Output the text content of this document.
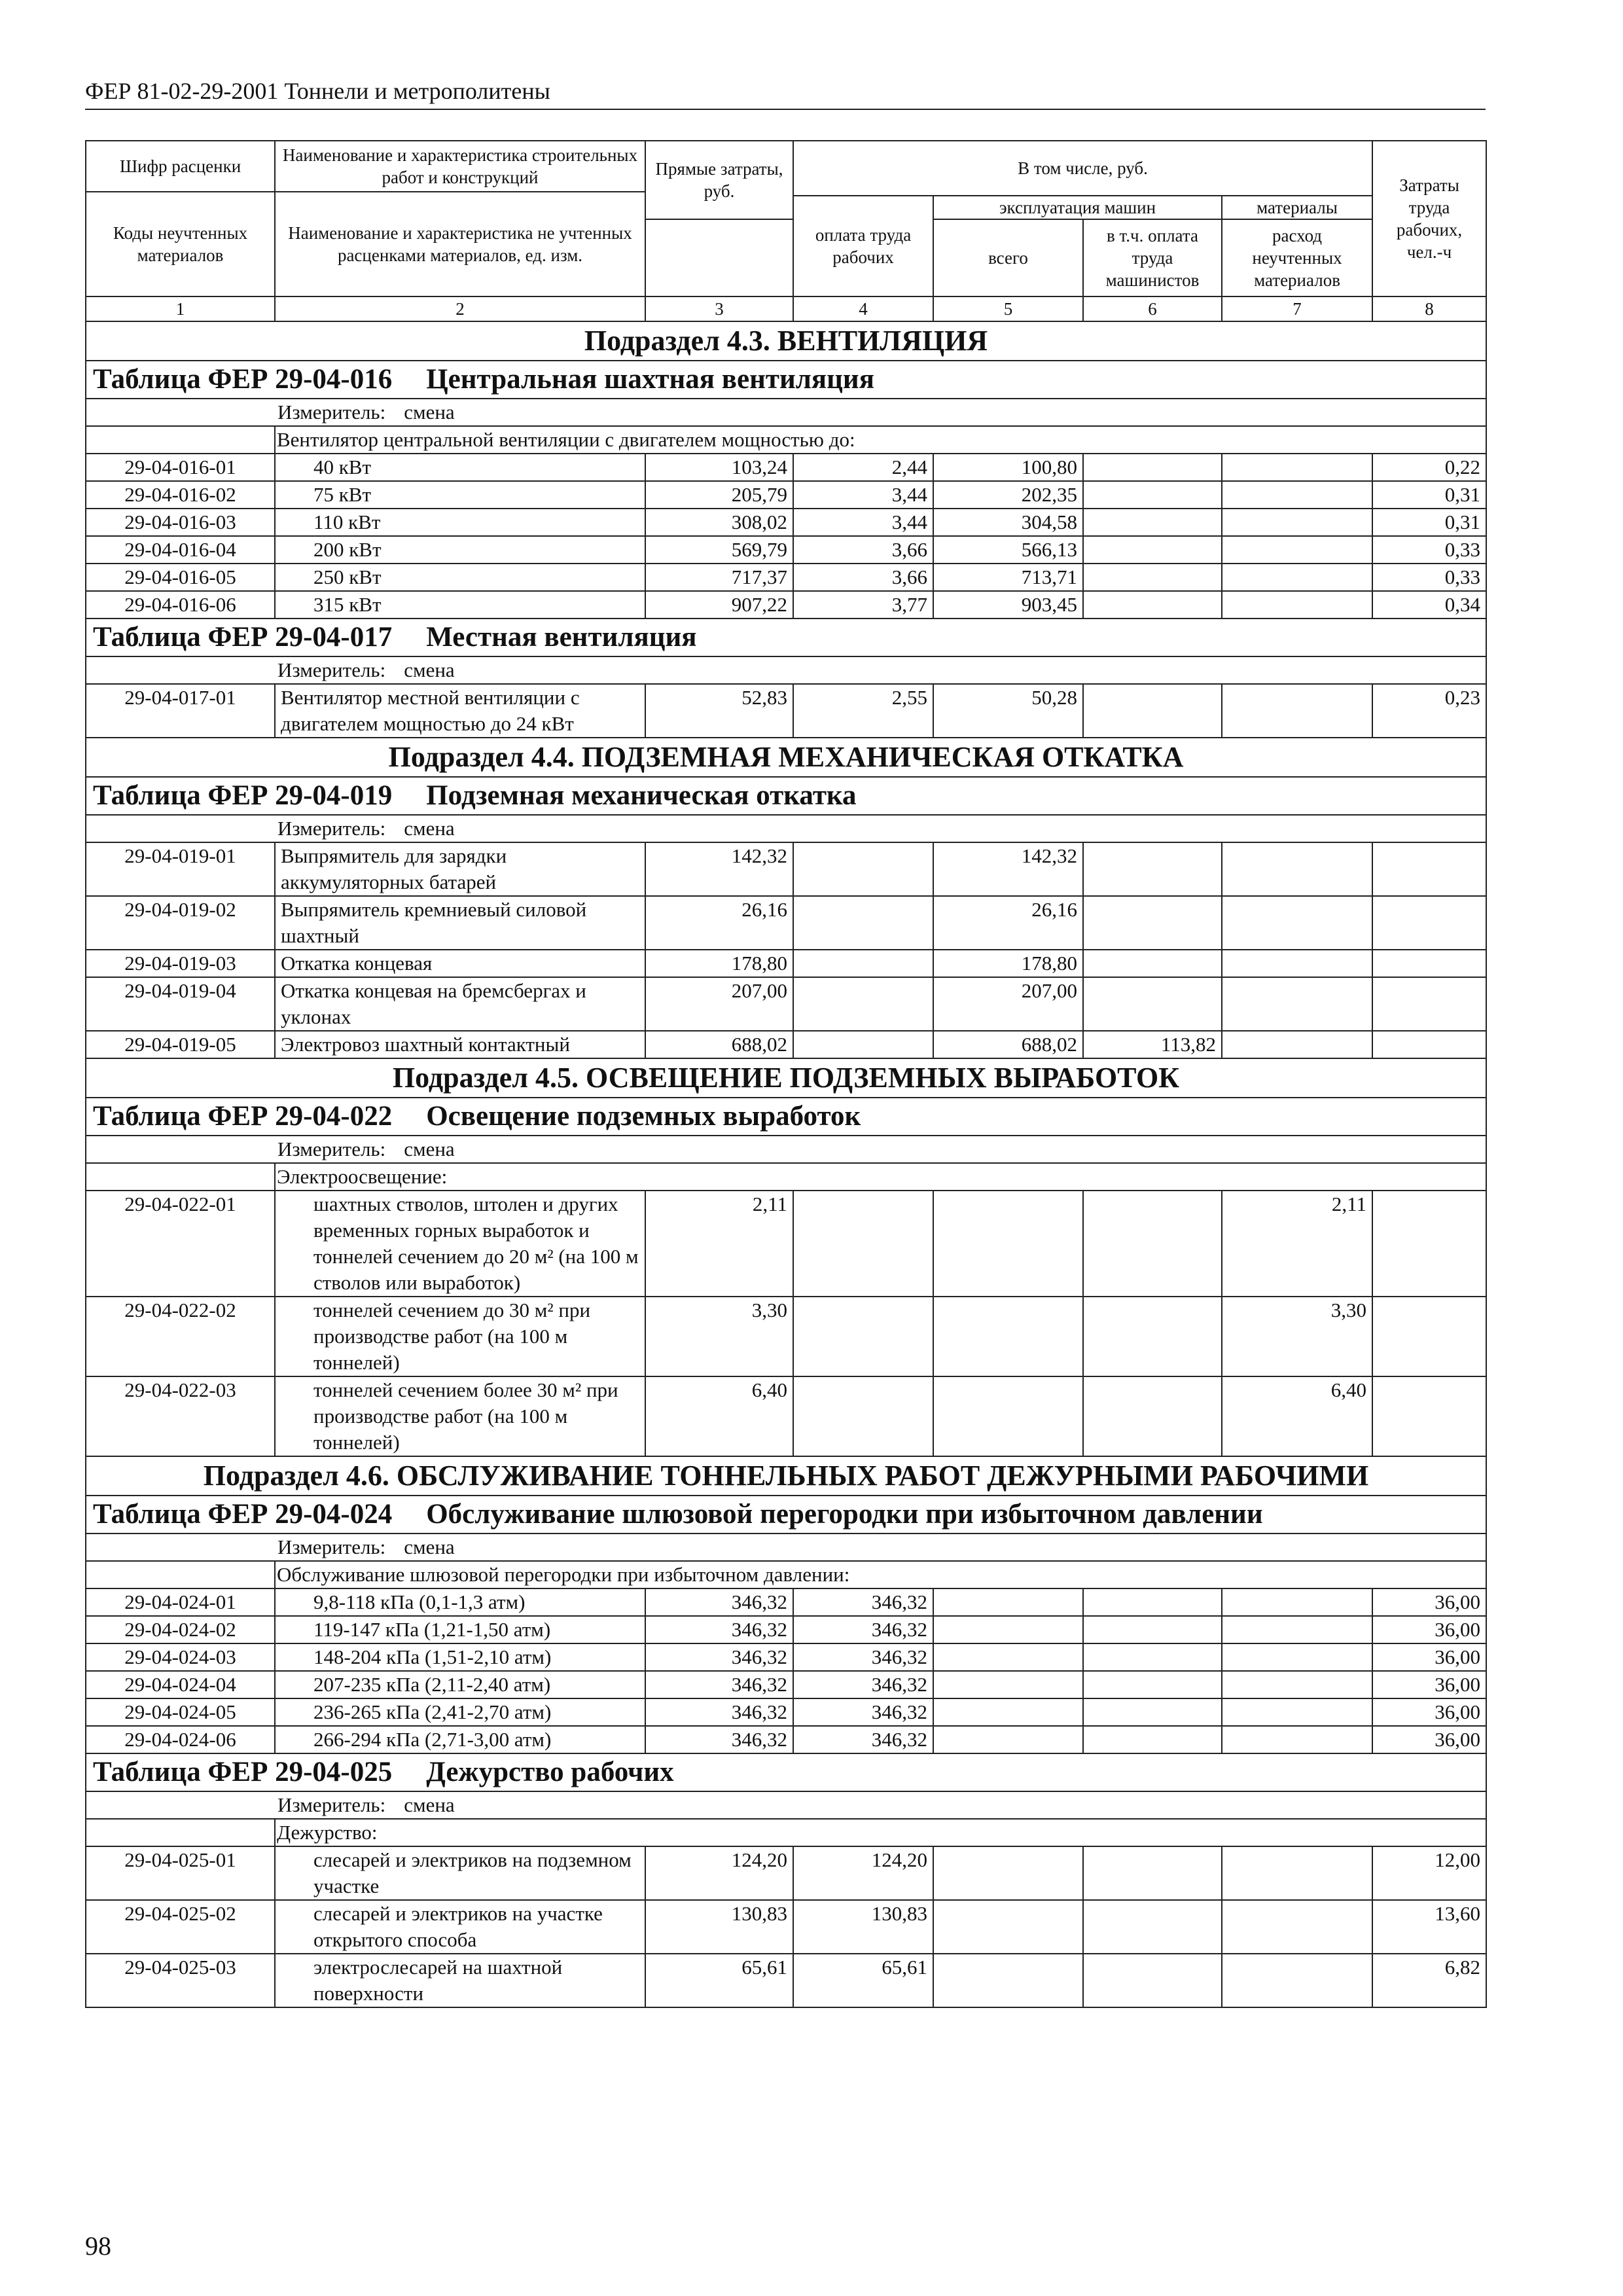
ФЕР 81-02-29-2001 Тоннели и метрополитены
Шифр расценки	Наименование и характеристика строительных работ и конструкций	Прямые затраты, руб.	В том числе, руб.				Затраты труда рабочих, чел.-ч
Коды неучтенных материалов	Наименование и характеристика не учтенных расценками материалов, ед. изм.						
			оплата труда рабочих	эксплуатация машин		материалы	
				всего	в т.ч. оплата труда машинистов	расход неучтенных материалов	
1	2	3	4	5	6	7	8
Подраздел 4.3. ВЕНТИЛЯЦИЯ							
Таблица ФЕР 29-04-016 Центральная шахтная вентиляция							
Измеритель: смена							
	Вентилятор центральной вентиляции с двигателем мощностью до:						
29-04-016-01	40 кВт	103,24	2,44	100,80			0,22
29-04-016-02	75 кВт	205,79	3,44	202,35			0,31
29-04-016-03	110 кВт	308,02	3,44	304,58			0,31
29-04-016-04	200 кВт	569,79	3,66	566,13			0,33
29-04-016-05	250 кВт	717,37	3,66	713,71			0,33
29-04-016-06	315 кВт	907,22	3,77	903,45			0,34
Таблица ФЕР 29-04-017 Местная вентиляция							
Измеритель: смена							
29-04-017-01	Вентилятор местной вентиляции с двигателем мощностью до 24 кВт	52,83	2,55	50,28			0,23
Подраздел 4.4. ПОДЗЕМНАЯ МЕХАНИЧЕСКАЯ ОТКАТКА							
Таблица ФЕР 29-04-019 Подземная механическая откатка							
Измеритель: смена							
29-04-019-01	Выпрямитель для зарядки аккумуляторных батарей	142,32		142,32			
29-04-019-02	Выпрямитель кремниевый силовой шахтный	26,16		26,16			
29-04-019-03	Откатка концевая	178,80		178,80			
29-04-019-04	Откатка концевая на бремсбергах и уклонах	207,00		207,00			
29-04-019-05	Электровоз шахтный контактный	688,02		688,02	113,82		
Подраздел 4.5. ОСВЕЩЕНИЕ ПОДЗЕМНЫХ ВЫРАБОТОК							
Таблица ФЕР 29-04-022 Освещение подземных выработок							
Измеритель: смена							
	Электроосвещение:						
29-04-022-01	шахтных стволов, штолен и других временных горных выработок и тоннелей сечением до 20 м² (на 100 м стволов или выработок)	2,11				2,11	
29-04-022-02	тоннелей сечением до 30 м² при производстве работ (на 100 м тоннелей)	3,30				3,30	
29-04-022-03	тоннелей сечением более 30 м² при производстве работ (на 100 м тоннелей)	6,40				6,40	
Подраздел 4.6. ОБСЛУЖИВАНИЕ ТОННЕЛЬНЫХ РАБОТ ДЕЖУРНЫМИ РАБОЧИМИ							
Таблица ФЕР 29-04-024 Обслуживание шлюзовой перегородки при избыточном давлении							
Измеритель: смена							
	Обслуживание шлюзовой перегородки при избыточном давлении:						
29-04-024-01	9,8-118 кПа (0,1-1,3 атм)	346,32	346,32				36,00
29-04-024-02	119-147 кПа (1,21-1,50 атм)	346,32	346,32				36,00
29-04-024-03	148-204 кПа (1,51-2,10 атм)	346,32	346,32				36,00
29-04-024-04	207-235 кПа (2,11-2,40 атм)	346,32	346,32				36,00
29-04-024-05	236-265 кПа (2,41-2,70 атм)	346,32	346,32				36,00
29-04-024-06	266-294 кПа (2,71-3,00 атм)	346,32	346,32				36,00
Таблица ФЕР 29-04-025 Дежурство рабочих							
Измеритель: смена							
	Дежурство:						
29-04-025-01	слесарей и электриков на подземном участке	124,20	124,20				12,00
29-04-025-02	слесарей и электриков на участке открытого способа	130,83	130,83				13,60
29-04-025-03	электрослесарей на шахтной поверхности	65,61	65,61				6,82
98
